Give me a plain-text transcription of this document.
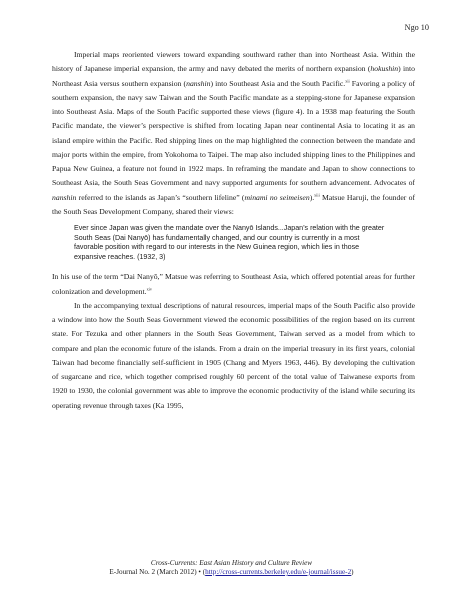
Ngo 10

Imperial maps reoriented viewers toward expanding southward rather than into Northeast Asia. Within the history of Japanese imperial expansion, the army and navy debated the merits of northern expansion (hokushin) into Northeast Asia versus southern expansion (nanshin) into Southeast Asia and the South Pacific.$^{xii}$ Favoring a policy of southern expansion, the navy saw Taiwan and the South Pacific mandate as a stepping-stone for Japanese expansion into Southeast Asia. Maps of the South Pacific supported these views (figure 4). In a 1938 map featuring the South Pacific mandate, the viewer’s perspective is shifted from locating Japan near continental Asia to locating it as an island empire within the Pacific. Red shipping lines on the map highlighted the connection between the mandate and major ports within the empire, from Yokohoma to Taipei. The map also included shipping lines to the Philippines and Papua New Guinea, a feature not found in 1922 maps. In reframing the mandate and Japan to show connections to Southeast Asia, the South Seas Government and navy supported arguments for southern advancement. Advocates of nanshin referred to the islands as Japan’s “southern lifeline” (minami no seimeisen).$^{xiii}$ Matsue Haruji, the founder of the South Seas Development Company, shared their views:

Ever since Japan was given the mandate over the Nanyō Islands...Japan’s relation with the greater South Seas (Dai Nanyō) has fundamentally changed, and our country is currently in a most favorable position with regard to our interests in the New Guinea region, which lies in those expansive reaches. (1932, 3)

In his use of the term “Dai Nanyō,” Matsue was referring to Southeast Asia, which offered potential areas for further colonization and development.$^{xiv}$

In the accompanying textual descriptions of natural resources, imperial maps of the South Pacific also provide a window into how the South Seas Government viewed the economic possibilities of the region based on its current state. For Tezuka and other planners in the South Seas Government, Taiwan served as a model from which to compare and plan the economic future of the islands. From a drain on the imperial treasury in its first years, colonial Taiwan had become financially self-sufficient in 1905 (Chang and Myers 1963, 446). By developing the cultivation of sugarcane and rice, which together comprised roughly 60 percent of the total value of Taiwanese exports from 1920 to 1930, the colonial government was able to improve the economic productivity of the island while securing its operating revenue through taxes (Ka 1995,

Cross-Currents: East Asian History and Culture Review
E-Journal No. 2 (March 2012) • (http://cross-currents.berkeley.edu/e-journal/issue-2)
